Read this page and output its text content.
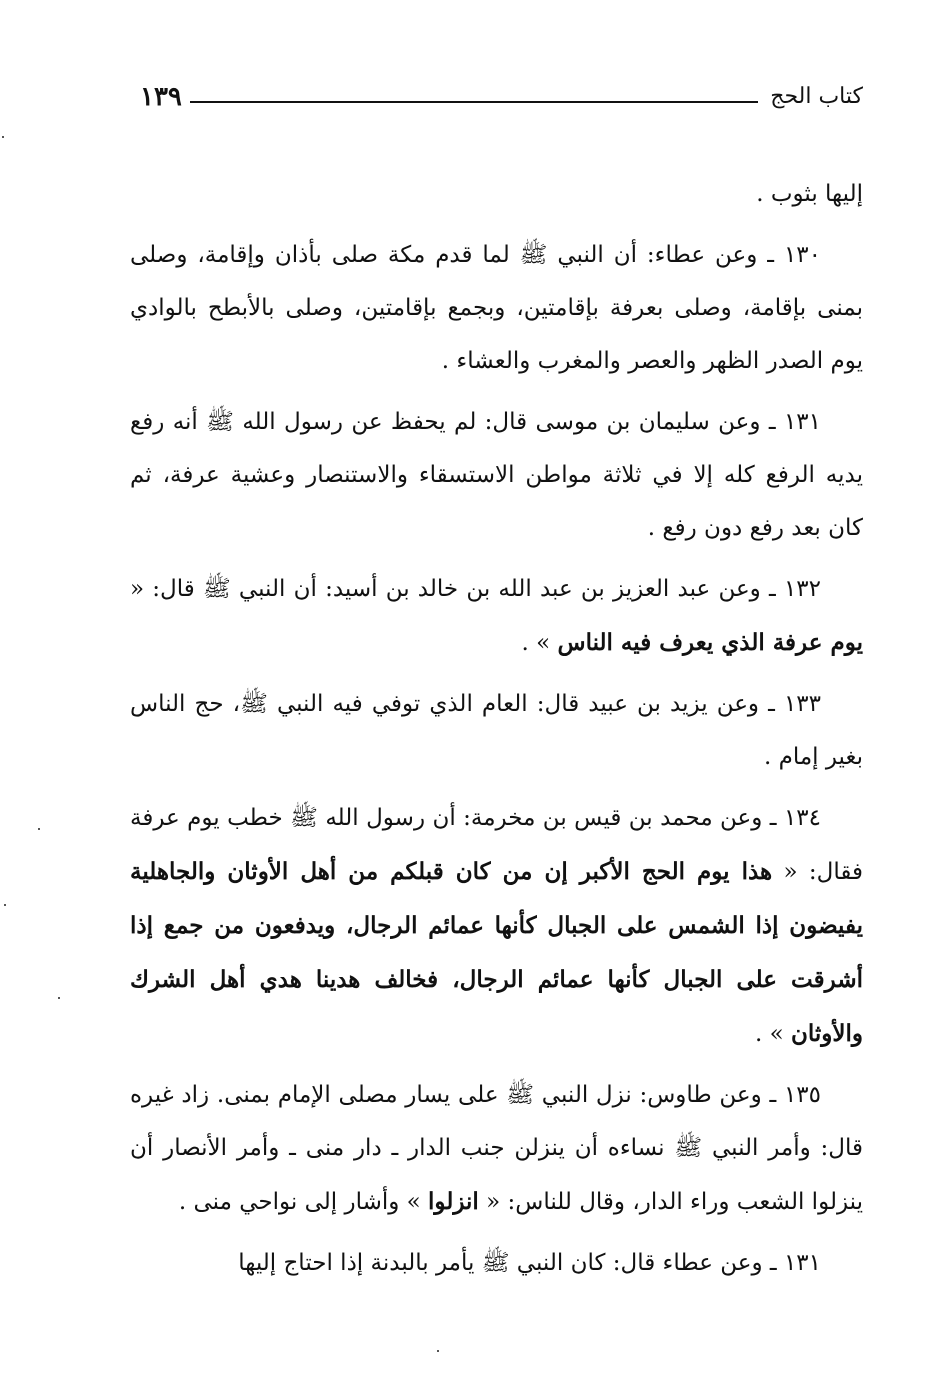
١٣٩	كتاب الحج

إليها بثوب .

١٣٠ ـ وعن عطاء: أن النبي ﷺ لما قدم مكة صلى بأذان وإقامة، وصلى بمنى بإقامة، وصلى بعرفة بإقامتين، وبجمع بإقامتين، وصلى بالأبطح بالوادي يوم الصدر الظهر والعصر والمغرب والعشاء .

١٣١ ـ وعن سليمان بن موسى قال: لم يحفظ عن رسول الله ﷺ أنه رفع يديه الرفع كله إلا في ثلاثة مواطن الاستسقاء والاستنصار وعشية عرفة، ثم كان بعد رفع دون رفع .

١٣٢ ـ وعن عبد العزيز بن عبد الله بن خالد بن أسيد: أن النبي ﷺ قال: « يوم عرفة الذي يعرف فيه الناس » .

١٣٣ ـ وعن يزيد بن عبيد قال: العام الذي توفي فيه النبي ﷺ، حج الناس بغير إمام .

١٣٤ ـ وعن محمد بن قيس بن مخرمة: أن رسول الله ﷺ خطب يوم عرفة فقال: « هذا يوم الحج الأكبر إن من كان قبلكم من أهل الأوثان والجاهلية يفيضون إذا الشمس على الجبال كأنها عمائم الرجال، ويدفعون من جمع إذا أشرقت على الجبال كأنها عمائم الرجال، فخالف هدينا هدي أهل الشرك والأوثان » .

١٣٥ ـ وعن طاوس: نزل النبي ﷺ على يسار مصلى الإمام بمنى. زاد غيره قال: وأمر النبي ﷺ نساءه أن ينزلن جنب الدار ـ دار منى ـ وأمر الأنصار أن ينزلوا الشعب وراء الدار، وقال للناس: « انزلوا » وأشار إلى نواحي منى .

١٣١ ـ وعن عطاء قال: كان النبي ﷺ يأمر بالبدنة إذا احتاج إليها
